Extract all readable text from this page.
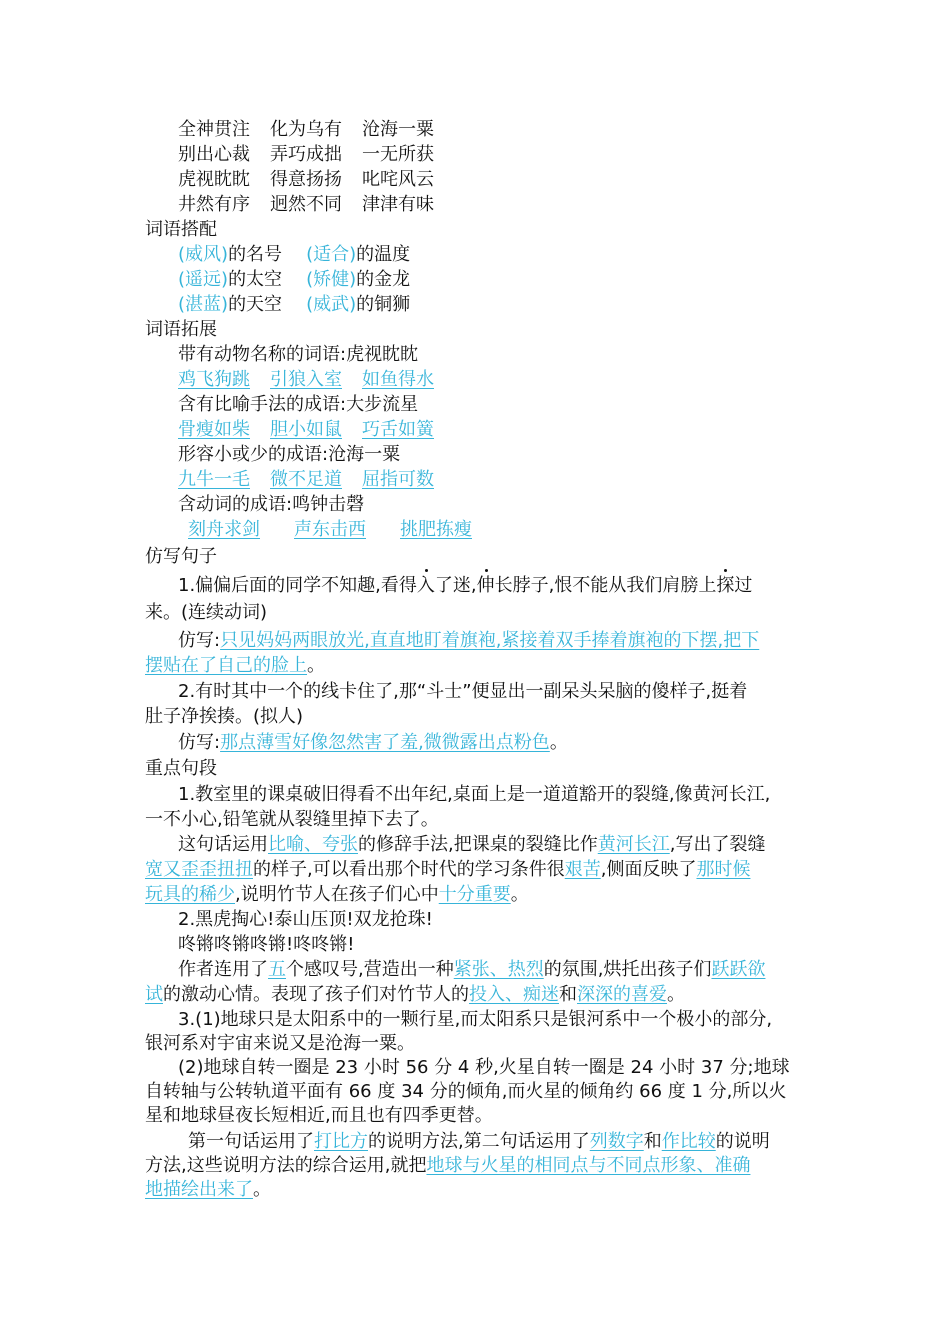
全神贯注 化为乌有 沧海一粟
别出心裁 弄巧成拙 一无所获
虎视眈眈 得意扬扬 叱咤风云
井然有序 迥然不同 津津有味
词语搭配
(威风)的名号 (适合)的温度
(遥远)的太空 (矫健)的金龙
(湛蓝)的天空 (威武)的铜狮
词语拓展
带有动物名称的词语:虎视眈眈
鸡飞狗跳 引狼入室 如鱼得水
含有比喻手法的成语:大步流星
骨瘦如柴 胆小如鼠 巧舌如簧
形容小或少的成语:沧海一粟
九牛一毛 微不足道 屈指可数
含动词的成语:鸣钟击磬
刻舟求剑 声东击西 挑肥拣瘦
仿写句子
1.偏偏后面的同学不知趣,看得入了迷,伸长脖子,恨不能从我们肩膀上探过
来。(连续动词)
仿写:只见妈妈两眼放光,直直地盯着旗袍,紧接着双手捧着旗袍的下摆,把下
摆贴在了自己的脸上。
2.有时其中一个的线卡住了,那“斗士”便显出一副呆头呆脑的傻样子,挺着
肚子净挨揍。(拟人)
仿写:那点薄雪好像忽然害了羞,微微露出点粉色。
重点句段
1.教室里的课桌破旧得看不出年纪,桌面上是一道道豁开的裂缝,像黄河长江,
一不小心,铅笔就从裂缝里掉下去了。
这句话运用比喻、夸张的修辞手法,把课桌的裂缝比作黄河长江,写出了裂缝
宽又歪歪扭扭的样子,可以看出那个时代的学习条件很艰苦,侧面反映了那时候
玩具的稀少,说明竹节人在孩子们心中十分重要。
2.黑虎掏心!泰山压顶!双龙抢珠!
咚锵咚锵咚锵!咚咚锵!
作者连用了五个感叹号,营造出一种紧张、热烈的氛围,烘托出孩子们跃跃欲
试的激动心情。表现了孩子们对竹节人的投入、痴迷和深深的喜爱。
3.(1)地球只是太阳系中的一颗行星,而太阳系只是银河系中一个极小的部分,
银河系对宇宙来说又是沧海一粟。
(2)地球自转一圈是 23 小时 56 分 4 秒,火星自转一圈是 24 小时 37 分;地球
自转轴与公转轨道平面有 66 度 34 分的倾角,而火星的倾角约 66 度 1 分,所以火
星和地球昼夜长短相近,而且也有四季更替。
第一句话运用了打比方的说明方法,第二句话运用了列数字和作比较的说明
方法,这些说明方法的综合运用,就把地球与火星的相同点与不同点形象、准确
地描绘出来了。
